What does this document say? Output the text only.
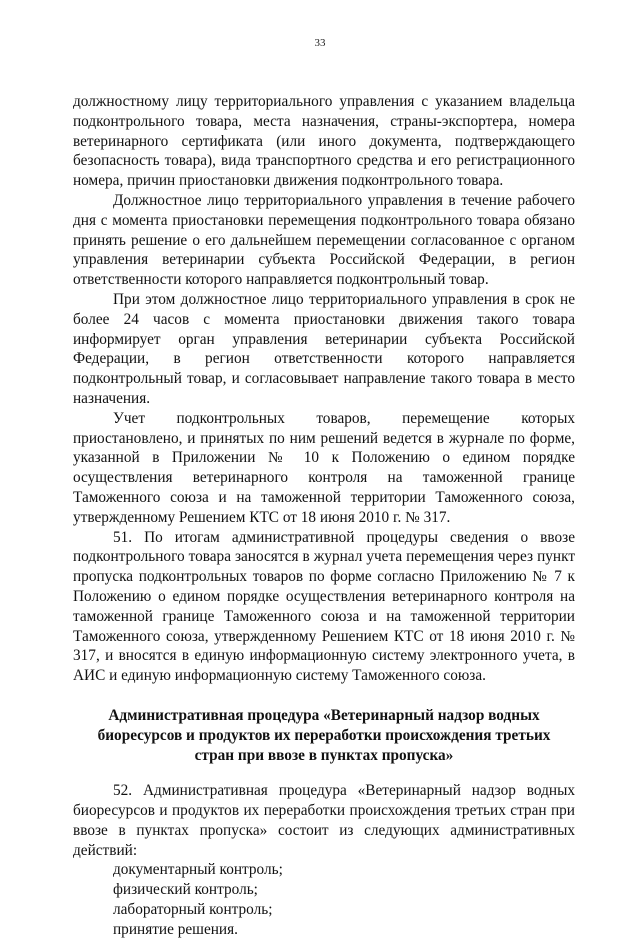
33

должностному лицу территориального управления с указанием владельца подконтрольного товара, места назначения, страны-экспортера, номера ветеринарного сертификата (или иного документа, подтверждающего безопасность товара), вида транспортного средства и его регистрационного номера, причин приостановки движения подконтрольного товара.

Должностное лицо территориального управления в течение рабочего дня с момента приостановки перемещения подконтрольного товара обязано принять решение о его дальнейшем перемещении согласованное с органом управления ветеринарии субъекта Российской Федерации, в регион ответственности которого направляется подконтрольный товар.

При этом должностное лицо территориального управления в срок не более 24 часов с момента приостановки движения такого товара информирует орган управления ветеринарии субъекта Российской Федерации, в регион ответственности которого направляется подконтрольный товар, и согласовывает направление такого товара в место назначения.

Учет подконтрольных товаров, перемещение которых приостановлено, и принятых по ним решений ведется в журнале по форме, указанной в Приложении № 10 к Положению о едином порядке осуществления ветеринарного контроля на таможенной границе Таможенного союза и на таможенной территории Таможенного союза, утвержденному Решением КТС от 18 июня 2010 г. № 317.

51. По итогам административной процедуры сведения о ввозе подконтрольного товара заносятся в журнал учета перемещения через пункт пропуска подконтрольных товаров по форме согласно Приложению № 7 к Положению о едином порядке осуществления ветеринарного контроля на таможенной границе Таможенного союза и на таможенной территории Таможенного союза, утвержденному Решением КТС от 18 июня 2010 г. № 317, и вносятся в единую информационную систему электронного учета, в АИС и единую информационную систему Таможенного союза.

Административная процедура «Ветеринарный надзор водных биоресурсов и продуктов их переработки происхождения третьих стран при ввозе в пунктах пропуска»

52. Административная процедура «Ветеринарный надзор водных биоресурсов и продуктов их переработки происхождения третьих стран при ввозе в пунктах пропуска» состоит из следующих административных действий:

документарный контроль;
физический контроль;
лабораторный контроль;
принятие решения.
